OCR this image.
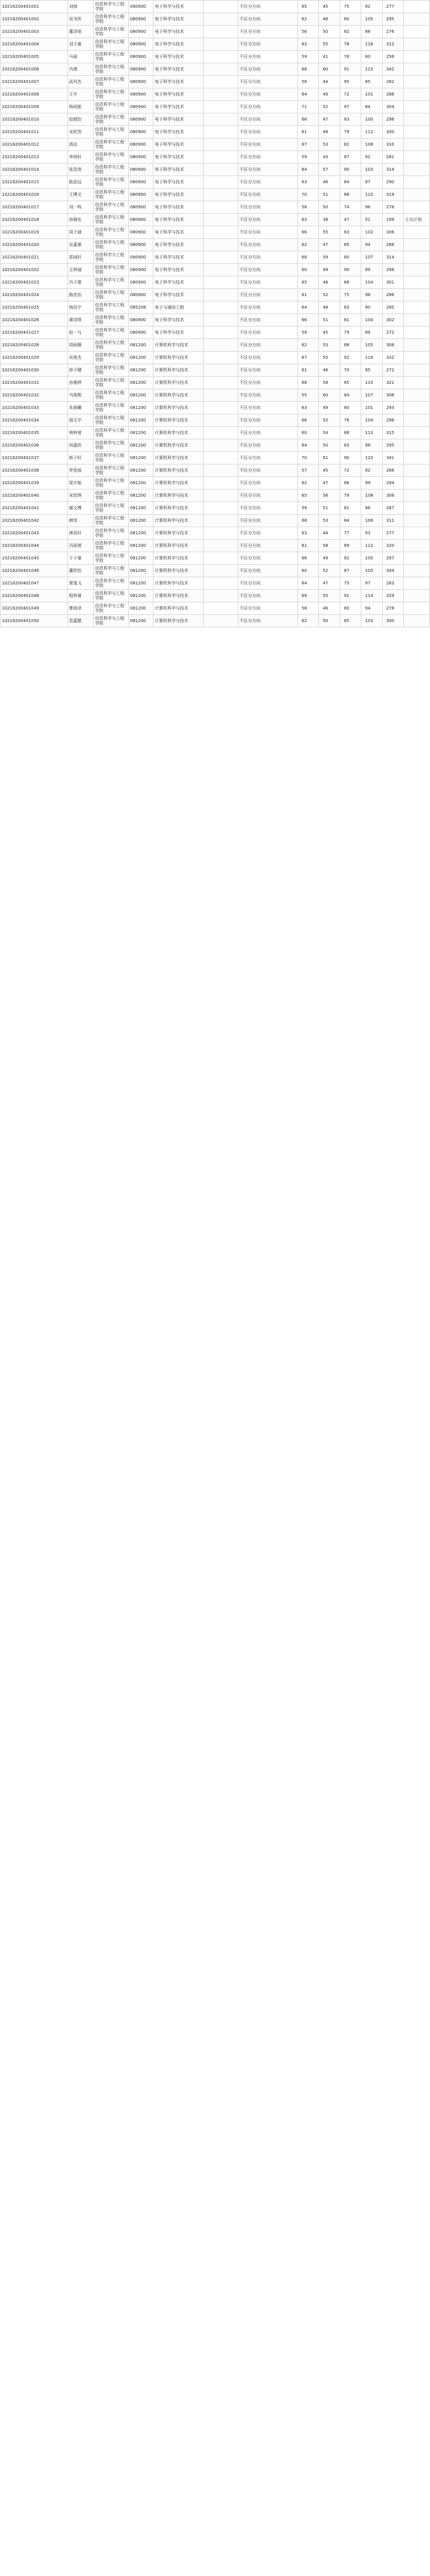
10216200401001	刘海	信息科学与工程学院	080900	电子科学与技术		不区分方向	65	45	75	92	277	
10216200401002	吴书传	信息科学与工程学院	080900	电子科学与技术		不区分方向	62	48	80	105	295	
10216200401003	董泽旭	信息科学与工程学院	080900	电子科学与技术		不区分方向	56	50	82	88	276	
10216200401004	刘子豪	信息科学与工程学院	080900	电子科学与技术		不区分方向	63	55	78	116	312	
10216200401005	马丽	信息科学与工程学院	080900	电子科学与技术		不区分方向	59	41	76	80	256	
10216200401006	冯倩	信息科学与工程学院	080900	电子科学与技术		不区分方向	68	60	91	123	342	
10216200401007	武珂杰	信息科学与工程学院	080900	电子科学与技术		不区分方向	58	44	95	85	282	
10216200401008	王宇	信息科学与工程学院	080900	电子科学与技术		不区分方向	64	49	72	101	286	
10216200401009	杨雨航	信息科学与工程学院	080900	电子科学与技术		不区分方向	71	52	97	84	304	
10216200401010	赵婧怡	信息科学与工程学院	080900	电子科学与技术		不区分方向	66	47	83	100	296	
10216200401011	宋欣然	信息科学与工程学院	080900	电子科学与技术		不区分方向	61	48	79	112	300	
10216200401012	高远	信息科学与工程学院	080900	电子科学与技术		不区分方向	67	53	82	108	310	
10216200401013	李明轩	信息科学与工程学院	080900	电子科学与技术		不区分方向	59	43	87	92	281	
10216200401014	张浩然	信息科学与工程学院	080900	电子科学与技术		不区分方向	64	57	90	103	314	
10216200401015	陈思远	信息科学与工程学院	080900	电子科学与技术		不区分方向	63	46	84	97	290	
10216200401016	王博文	信息科学与工程学院	080900	电子科学与技术		不区分方向	70	51	88	110	319	
10216200401017	刘一鸣	信息科学与工程学院	080900	电子科学与技术		不区分方向	58	50	74	96	278	
10216200401018	孙晓东	信息科学与工程学院	080900	电子科学与技术		不区分方向	63	38	47	51	199	士兵计划
10216200401019	周子涵	信息科学与工程学院	080900	电子科学与技术		不区分方向	66	55	83	102	306	
10216200401020	吴嘉豪	信息科学与工程学院	080900	电子科学与技术		不区分方向	62	47	85	94	288	
10216200401021	郑雨轩	信息科学与工程学院	080900	电子科学与技术		不区分方向	68	59	80	107	314	
10216200401022	王梓涵	信息科学与工程学院	080900	电子科学与技术		不区分方向	60	49	90	99	298	
10216200401023	冯子墨	信息科学与工程学院	080900	电子科学与技术		不区分方向	65	46	86	104	301	
10216200401024	陈佳怡	信息科学与工程学院	080900	电子科学与技术		不区分方向	61	52	75	98	286	
10216200401025	杨浩宇	信息科学与工程学院	085208	电子与通信工程		不区分方向	64	48	83	90	285	
10216200401026	黄诗琪	信息科学与工程学院	080900	电子科学与技术		不区分方向	66	51	81	104	302	
10216200401027	赵一凡	信息科学与工程学院	080900	电子科学与技术		不区分方向	59	45	79	89	272	
10216200401028	周雨桐	信息科学与工程学院	081200	计算机科学与技术		不区分方向	62	53	88	105	308	
10216200401029	吴俊杰	信息科学与工程学院	081200	计算机科学与技术		不区分方向	67	55	92	118	332	
10216200401030	徐子健	信息科学与工程学院	081200	计算机科学与技术		不区分方向	61	46	70	95	272	
10216200401031	孙雅婷	信息科学与工程学院	081200	计算机科学与技术		不区分方向	68	58	85	110	321	
10216200401032	马俊熙	信息科学与工程学院	081200	计算机科学与技术		不区分方向	55	60	84	107	306	
10216200401033	朱晨曦	信息科学与工程学院	081200	计算机科学与技术		不区分方向	63	49	80	101	293	
10216200401034	胡天宇	信息科学与工程学院	081200	计算机科学与技术		不区分方向	66	52	76	104	298	
10216200401035	林梓萱	信息科学与工程学院	081200	计算机科学与技术		不区分方向	60	54	88	113	315	
10216200401036	何嘉欣	信息科学与工程学院	081200	计算机科学与技术		不区分方向	64	50	83	98	295	
10216200401037	郭子轩	信息科学与工程学院	081200	计算机科学与技术		不区分方向	70	61	90	120	341	
10216200401038	罗思雨	信息科学与工程学院	081200	计算机科学与技术		不区分方向	57	45	72	92	266	
10216200401039	梁宇航	信息科学与工程学院	081200	计算机科学与技术		不区分方向	62	47	86	99	294	
10216200401040	宋佳琪	信息科学与工程学院	081200	计算机科学与技术		不区分方向	65	56	79	108	308	
10216200401041	谢文博	信息科学与工程学院	081200	计算机科学与技术		不区分方向	59	51	81	96	287	
10216200401042	韩雪	信息科学与工程学院	081200	计算机科学与技术		不区分方向	68	53	84	106	311	
10216200401043	唐浩轩	信息科学与工程学院	081200	计算机科学与技术		不区分方向	63	44	77	93	277	
10216200401044	冯雨萱	信息科学与工程学院	081200	计算机科学与技术		不区分方向	61	58	89	112	320	
10216200401045	于子豪	信息科学与工程学院	081200	计算机科学与技术		不区分方向	66	49	82	100	297	
10216200401046	董欣怡	信息科学与工程学院	081200	计算机科学与技术		不区分方向	60	52	87	105	304	
10216200401047	萧逸飞	信息科学与工程学院	081200	计算机科学与技术		不区分方向	64	47	75	97	283	
10216200401048	程梓睿	信息科学与工程学院	081200	计算机科学与技术		不区分方向	69	55	91	114	329	
10216200401049	曹雨泽	信息科学与工程学院	081200	计算机科学与技术		不区分方向	58	46	80	94	278	
10216200401050	袁嘉懿	信息科学与工程学院	081200	计算机科学与技术		不区分方向	62	50	85	103	300	
